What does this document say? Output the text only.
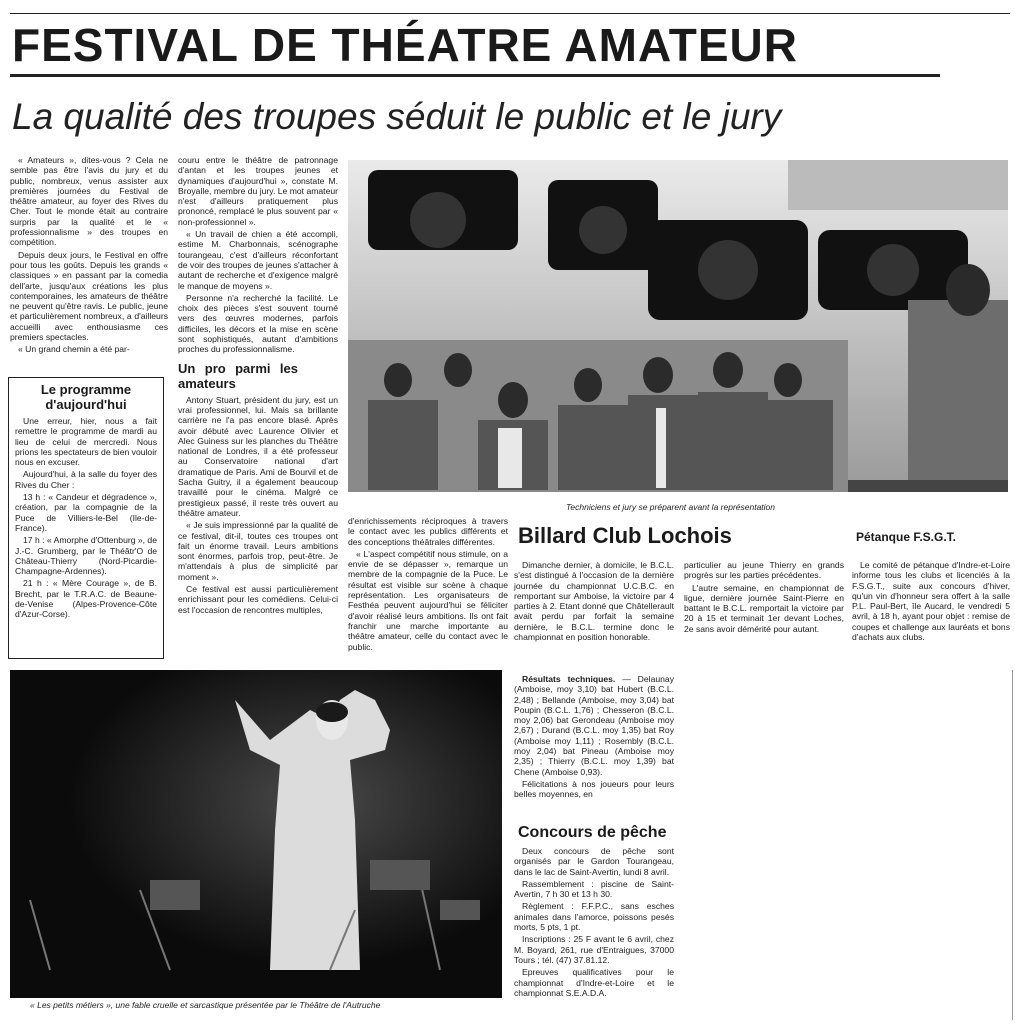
FESTIVAL DE THÉATRE AMATEUR
La qualité des troupes séduit le public et le jury

« Amateurs », dites-vous ? Cela ne semble pas être l'avis du jury et du public, nombreux, venus assister aux premières journées du Festival de théâtre amateur, au foyer des Rives du Cher. Tout le monde était au contraire surpris par la qualité et le « professionnalisme » des troupes en compétition.

Depuis deux jours, le Festival en offre pour tous les goûts. Depuis les grands « classiques » en passant par la comedia dell'arte, jusqu'aux créations les plus contemporaines, les amateurs de théâtre ne peuvent qu'être ravis. Le public, jeune et particulièrement nombreux, a d'ailleurs accueilli avec enthousiasme ces premiers spectacles.

« Un grand chemin a été par-

Le programme d'aujourd'hui

Une erreur, hier, nous a fait remettre le programme de mardi au lieu de celui de mercredi. Nous prions les spectateurs de bien vouloir nous en excuser.

Aujourd'hui, à la salle du foyer des Rives du Cher :

13 h : « Candeur et dégradence », création, par la compagnie de la Puce de Villiers-le-Bel (Ile-de-France).

17 h : « Amorphe d'Ottenburg », de J.-C. Grumberg, par le Théâtr'O de Château-Thierry (Nord-Picardie-Champagne-Ardennes).

21 h : « Mère Courage », de B. Brecht, par le T.R.A.C. de Beaune-de-Venise (Alpes-Provence-Côte d'Azur-Corse).

couru entre le théâtre de patronnage d'antan et les troupes jeunes et dynamiques d'aujourd'hui », constate M. Broyalle, membre du jury. Le mot amateur n'est d'ailleurs pratiquement plus prononcé, remplacé le plus souvent par « non-professionnel ».

« Un travail de chien a été accompli, estime M. Charbonnais, scénographe tourangeau, c'est d'ailleurs réconfortant de voir des troupes de jeunes s'attacher à autant de recherche et d'exigence malgré le manque de moyens ».

Personne n'a recherché la facilité. Le choix des pièces s'est souvent tourné vers des œuvres modernes, parfois difficiles, les décors et la mise en scène sont sophistiqués, autant d'ambitions proches du professionnalisme.

Un pro parmi les amateurs

Antony Stuart, président du jury, est un vrai professionnel, lui. Mais sa brillante carrière ne l'a pas encore blasé. Après avoir débuté avec Laurence Olivier et Alec Guiness sur les planches du Théâtre national de Londres, il a été professeur au Conservatoire national d'art dramatique de Paris. Ami de Bourvil et de Sacha Guitry, il a également beaucoup travaillé pour le cinéma. Malgré ce prestigieux passé, il reste très ouvert au théâtre amateur.

« Je suis impressionné par la qualité de ce festival, dit-il, toutes ces troupes ont fait un énorme travail. Leurs ambitions sont énormes, parfois trop, peut-être. Je m'attendais à plus de simplicité par moment ».

Ce festival est aussi particulièrement enrichissant pour les comédiens. Celui-ci est l'occasion de rencontres multiples,

d'enrichissements réciproques à travers le contact avec les publics différents et des conceptions théâtrales différentes.

« L'aspect compétitif nous stimule, on a envie de se dépasser », remarque un membre de la compagnie de la Puce. Le résultat est visible sur scène à chaque représentation. Les organisateurs de Festhéa peuvent aujourd'hui se féliciter d'avoir réalisé leurs ambitions. Ils ont fait franchir une marche importante au théâtre amateur, celle du contact avec le public.

Techniciens et jury se préparent avant la représentation
« Les petits métiers », une fable cruelle et sarcastique présentée par le Théâtre de l'Autruche
Billard Club Lochois

Dimanche dernier, à domicile, le B.C.L. s'est distingué à l'occasion de la dernière journée du championnat U.C.B.C. en remportant sur Amboise, la victoire par 4 parties à 2. Etant donné que Châtellerault avait perdu par forfait la semaine dernière, le B.C.L. termine donc le championnat en position honorable.

particulier au jeune Thierry en grands progrès sur les parties précédentes.

L'autre semaine, en championnat de ligue, dernière journée Saint-Pierre en battant le B.C.L. remportait la victoire par 20 à 15 et terminait 1er devant Loches, 2e sans avoir démérité pour autant.

Résultats techniques. — Delaunay (Amboise, moy 3,10) bat Hubert (B.C.L. 2,48) ; Bellande (Amboise, moy 3,04) bat Poupin (B.C.L. 1,76) ; Chesseron (B.C.L. moy 2,06) bat Gerondeau (Amboise moy 2,67) ; Durand (B.C.L. moy 1,35) bat Roy (Amboise moy 1,11) ; Rosembly (B.C.L. moy 2,04) bat Pineau (Amboise moy 2,35) ; Thierry (B.C.L. moy 1,39) bat Chene (Amboise 0,93).

Félicitations à nos joueurs pour leurs belles moyennes, en

Pétanque F.S.G.T.

Le comité de pétanque d'Indre-et-Loire informe tous les clubs et licenciés à la F.S.G.T., suite aux concours d'hiver, qu'un vin d'honneur sera offert à la salle P.L. Paul-Bert, île Aucard, le vendredi 5 avril, à 18 h, ayant pour objet : remise de coupes et challenge aux lauréats et bons d'achats aux clubs.

Concours de pêche

Deux concours de pêche sont organisés par le Gardon Tourangeau, dans le lac de Saint-Avertin, lundi 8 avril.

Rassemblement : piscine de Saint-Avertin, 7 h 30 et 13 h 30.

Règlement : F.F.P.C., sans esches animales dans l'amorce, poissons pesés morts, 5 pts, 1 pt.

Inscriptions : 25 F avant le 6 avril, chez M. Boyard, 261, rue d'Entraigues, 37000 Tours ; tél. (47) 37.81.12.

Epreuves qualificatives pour le championnat d'Indre-et-Loire et le championnat S.E.A.D.A.
